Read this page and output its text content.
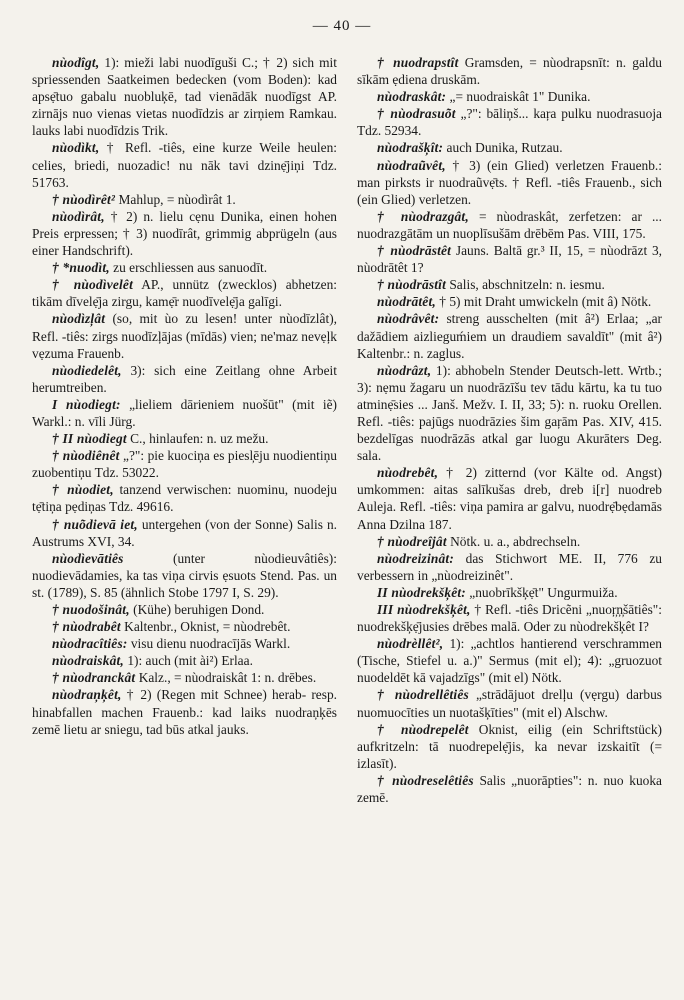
— 40 —

nùodîgt, 1): mieži labi nuodīguši C.; † 2) sich mit spriessenden Saatkeimen bedecken (vom Boden): kad apsẹ̄tuo gabalu nuobluķē, tad vienādāk nuodīgst AP. zirnājs nuo vienas vietas nuodīdzis ar zirņiem Ramkau. lauks labi nuodīdzis Trik.

nùodìkt, † Refl. -tiês, eine kurze Weile heulen: celies, briedi, nuozadic! nu nāk tavi dzinẹ̄jiņi Tdz. 51763.

† nùodìrêt² Mahlup, = nùodìrât 1.

nùodìrât, † 2) n. lielu cẹnu Dunika, einen hohen Preis erpressen; † 3) nuodīrât, grimmig abprügeln (aus einer Handschrift).

† *nuodìt, zu erschliessen aus sanuodīt.

† nùodìvelêt AP., unnütz (zwecklos) abhetzen: tikām dīvelẹ̄ja zirgu, kamẹ̄r nuodīvelẹ̄ja galīgi.

nùodìzļât (so, mit ùo zu lesen! unter nùodīzlât), Refl. -tiês: zirgs nuodīzļājas (mīdās) vien; ne'maz nevẹļk vẹzuma Frauenb.

nùodiedelêt, 3): sich eine Zeitlang ohne Arbeit herumtreiben.

I nùodiegt: „lieliem dārieniem nuošūt" (mit iẽ) Warkl.: n. vīli Jürg.

† II nùodiegt C., hinlaufen: n. uz mežu.

† nùodiênêt „?": pie kuociņa es piesl̦ēju nuodientiņu zuobentiņu Tdz. 53022.

† nùodiet, tanzend verwischen: nuominu, nuodeju tẹ̄tiņa pẹdiņas Tdz. 49616.

† nuõdievā iet, untergehen (von der Sonne) Salis n. Austrums XVI, 34.

nùodìevātiês (unter nùodieuvâtiês): nuodievādamies, ka tas viņa cirvis ẹsuots Stend. Pas. un st. (1789), S. 85 (ähnlich Stobe 1797 I, S. 29).

† nuodošinât, (Kühe) beruhigen Dond.

† nùodrabêt Kaltenbr., Oknist, = nùodrebêt.

nùodracîtiês: visu dienu nuodracījās Warkl.

nùodraiskât, 1): auch (mit ài²) Erlaa.

† nùodranckât Kalz., = nùodraiskât 1: n. drēbes.

nùodraņķêt, † 2) (Regen mit Schnee) herab- resp. hinabfallen machen Frauenb.: kad laiks nuodraņķēs zemē lietu ar sniegu, tad būs atkal jauks.

† nuodrapstît Gramsden, = nùodrapsnīt: n. galdu sīkām ẹdiena druskām.

nùodraskât: „= nuodraiskât 1" Dunika.

† nùodrasuõt „?": bāliņš... kaŗa pulku nuodrasuoja Tdz. 52934.

nùodrašķît: auch Dunika, Rutzau.

nùodraũvêt, † 3) (ein Glied) verletzen Frauenb.: man pirksts ir nuodraũvẹ̄ts. † Refl. -tiês Frauenb., sich (ein Glied) verletzen.

† nùodrazgât, = nùodraskât, zerfetzen: ar ... nuodrazgātām un nuoplīsušām drēbēm Pas. VIII, 175.

† nùodrāstêt Jauns. Baltā gr.³ II, 15, = nùodrāzt 3, nùodrātêt 1?

† nùodrāstît Salis, abschnitzeln: n. iesmu.

nùodrātêt, † 5) mit Draht umwickeln (mit â) Nötk.

nùodrâvêt: streng ausschelten (mit â²) Erlaa; „ar dažādiem aizlieguḿiem un draudiem savaldīt" (mit â²) Kaltenbr.: n. zaglus.

nùodrâzt, 1): abhobeln Stender Deutsch-lett. Wrtb.; 3): nẹmu žagaru un nuodrāzīšu tev tādu kārtu, ka tu tuo atminẹ̄sies ... Janš. Mežv. I. II, 33; 5): n. ruoku Orellen. Refl. -tiês: pajūgs nuodrāzies šim gaŗām Pas. XIV, 415. bezdelīgas nuodrāzās atkal gar luogu Akurāters Deg. sala.

nùodrebêt, † 2) zitternd (vor Kälte od. Angst) umkommen: aitas salīkušas dreb, dreb i[r] nuodreb Auleja. Refl. -tiês: viņa pamira ar galvu, nuodrẹ̄bẹdamās Anna Dzilna 187.

† nùodreîjât Nötk. u. a., abdrechseln.

nùodreizinât: das Stichwort ME. II, 776 zu verbessern in „nùodreizinêt".

II nùodrekšķêt: „nuobrīkšķẹ̄t" Ungurmuiža.

III nùodrekšķêt, † Refl. -tiês Dricẽni „nuoŗ̦ņ̦šātiês": nuodrekšķẹ̄jusies drēbes malā. Oder zu nùodrekšķêt I?

nùodrèllêt², 1): „achtlos hantierend verschrammen (Tische, Stiefel u. a.)" Sermus (mit el); 4): „gruozuot nuodeldēt kā vajadzīgs" (mit el) Nötk.

† nùodrellêtiês „strādājuot drelļu (vẹrgu) darbus nuomuocīties un nuotašķīties" (mit el) Alschw.

† nùodrepelêt Oknist, eilig (ein Schriftstück) aufkritzeln: tā nuodrepelẹ̄jis, ka nevar izskaitīt (= izlasīt).

† nùodreselêtiês Salis „nuorāpties": n. nuo kuoka zemē.
